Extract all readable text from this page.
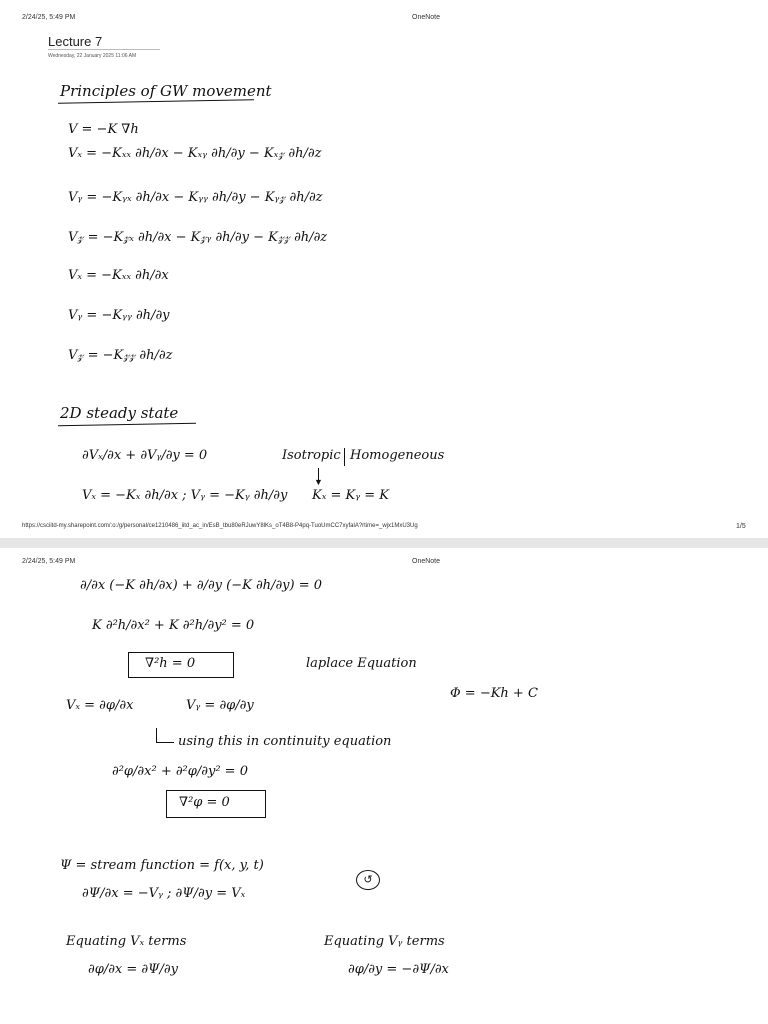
2/24/25, 5:49 PM	OneNote
Lecture 7
Wednesday, 22 January 2025 11:06 AM
Principles of GW movement
V = −K ∇h
Vₓ = −Kₓₓ ∂h/∂x − Kₓᵧ ∂h/∂y − Kₓ𝓏 ∂h/∂z
Vᵧ = −Kᵧₓ ∂h/∂x − Kᵧᵧ ∂h/∂y − Kᵧ𝓏 ∂h/∂z
V𝓏 = −K𝓏ₓ ∂h/∂x − K𝓏ᵧ ∂h/∂y − K𝓏𝓏 ∂h/∂z
Vₓ = −Kₓₓ ∂h/∂x
Vᵧ = −Kᵧᵧ ∂h/∂y
V𝓏 = −K𝓏𝓏 ∂h/∂z
2D steady state
∂Vₓ/∂x + ∂Vᵧ/∂y = 0	Isotropic Homogeneous
▼
Vₓ = −Kₓ ∂h/∂x ; Vᵧ = −Kᵧ ∂h/∂y Kₓ = Kᵧ = K
https://csciitd-my.sharepoint.com/:o:/g/personal/ce1210486_iitd_ac_in/EsB_tbu80eRJuwY8lKs_oT4B8-P4pq-TuoUmCC7xyfalA?rtime=_wjx1MxU3Ug	1/5
2/24/25, 5:49 PM	OneNote
∂/∂x (−K ∂h/∂x) + ∂/∂y (−K ∂h/∂y) = 0
K ∂²h/∂x² + K ∂²h/∂y² = 0
∇²h = 0	laplace Equation
Φ = −Kh + C
Vₓ = ∂φ/∂x	Vᵧ = ∂φ/∂y
using this in continuity equation
∂²φ/∂x² + ∂²φ/∂y² = 0
∇²φ = 0
Ψ = stream function = f(x, y, t)
∂Ψ/∂x = −Vᵧ ; ∂Ψ/∂y = Vₓ
↺
Equating Vₓ terms	Equating Vᵧ terms
∂φ/∂x = ∂Ψ/∂y	∂φ/∂y = −∂Ψ/∂x
